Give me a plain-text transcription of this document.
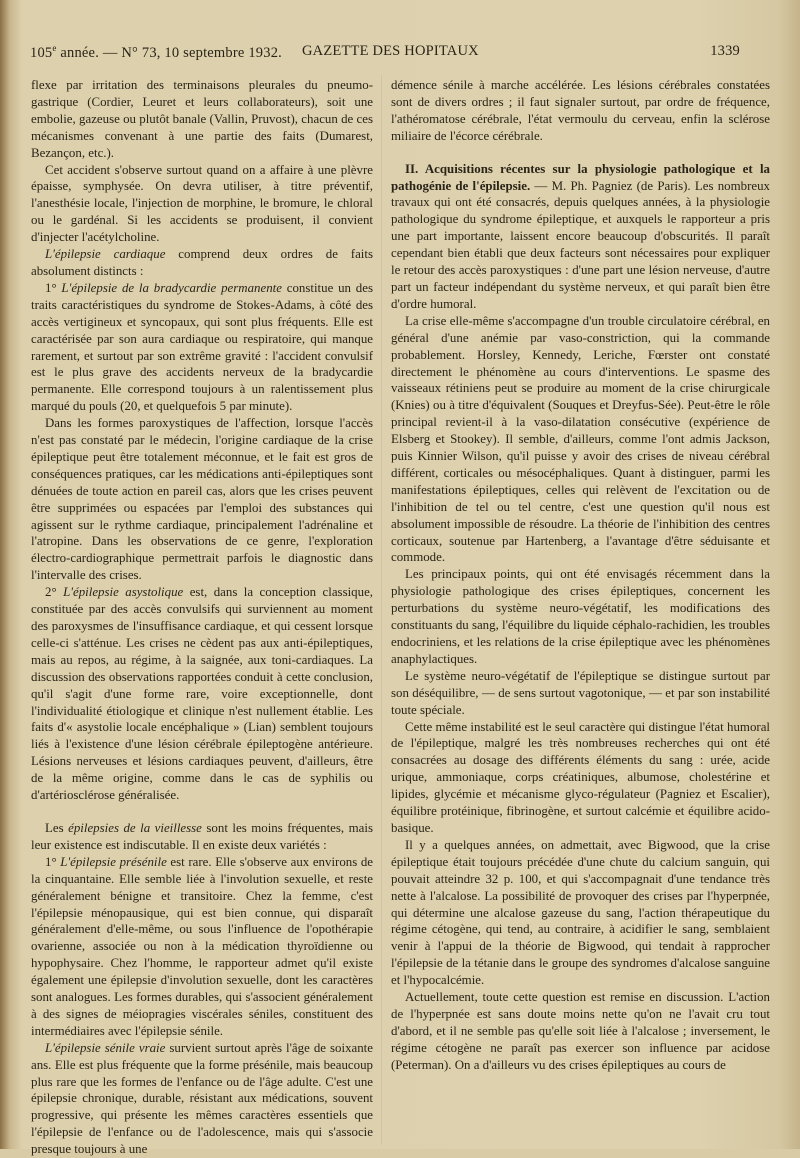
105e année. — N° 73, 10 septembre 1932. GAZETTE DES HOPITAUX	1339

flexe par irritation des terminaisons pleurales du pneumo-gastrique (Cordier, Leuret et leurs collaborateurs), soit une embolie, gazeuse ou plutôt banale (Vallin, Pruvost), chacun de ces mécanismes convenant à une partie des faits (Dumarest, Bezançon, etc.).

Cet accident s'observe surtout quand on a affaire à une plèvre épaisse, symphysée. On devra utiliser, à titre préventif, l'anesthésie locale, l'injection de morphine, le bromure, le chloral ou le gardénal. Si les accidents se produisent, il convient d'injecter l'acétylcholine.

L'épilepsie cardiaque comprend deux ordres de faits absolument distincts :

1° L'épilepsie de la bradycardie permanente constitue un des traits caractéristiques du syndrome de Stokes-Adams, à côté des accès vertigineux et syncopaux, qui sont plus fréquents. Elle est caractérisée par son aura cardiaque ou respiratoire, qui manque rarement, et surtout par son extrême gravité : l'accident convulsif est le plus grave des accidents nerveux de la bradycardie permanente. Elle correspond toujours à un ralentissement plus marqué du pouls (20, et quelquefois 5 par minute).

Dans les formes paroxystiques de l'affection, lorsque l'accès n'est pas constaté par le médecin, l'origine cardiaque de la crise épileptique peut être totalement méconnue, et le fait est gros de conséquences pratiques, car les médications anti-épileptiques sont dénuées de toute action en pareil cas, alors que les crises peuvent être supprimées ou espacées par l'emploi des substances qui agissent sur le rythme cardiaque, principalement l'adrénaline et l'atropine. Dans les observations de ce genre, l'exploration électro-cardiographique permettrait parfois le diagnostic dans l'intervalle des crises.

2° L'épilepsie asystolique est, dans la conception classique, constituée par des accès convulsifs qui surviennent au moment des paroxysmes de l'insuffisance cardiaque, et qui cessent lorsque celle-ci s'atténue. Les crises ne cèdent pas aux anti-épileptiques, mais au repos, au régime, à la saignée, aux toni-cardiaques. La discussion des observations rapportées conduit à cette conclusion, qu'il s'agit d'une forme rare, voire exceptionnelle, dont l'individualité étiologique et clinique n'est nullement établie. Les faits d'« asystolie locale encéphalique » (Lian) semblent toujours liés à l'existence d'une lésion cérébrale épileptogène antérieure. Lésions nerveuses et lésions cardiaques peuvent, d'ailleurs, être de la même origine, comme dans le cas de syphilis ou d'artériosclérose généralisée.

Les épilepsies de la vieillesse sont les moins fréquentes, mais leur existence est indiscutable. Il en existe deux variétés :

1° L'épilepsie présénile est rare. Elle s'observe aux environs de la cinquantaine. Elle semble liée à l'involution sexuelle, et reste généralement bénigne et transitoire. Chez la femme, c'est l'épilepsie ménopausique, qui est bien connue, qui disparaît généralement d'elle-même, ou sous l'influence de l'opothérapie ovarienne, associée ou non à la médication thyroïdienne ou hypophysaire. Chez l'homme, le rapporteur admet qu'il existe également une épilepsie d'involution sexuelle, dont les caractères sont analogues. Les formes durables, qui s'associent généralement à des signes de méiopragies viscérales séniles, constituent des intermédiaires avec l'épilepsie sénile.

L'épilepsie sénile vraie survient surtout après l'âge de soixante ans. Elle est plus fréquente que la forme présénile, mais beaucoup plus rare que les formes de l'enfance ou de l'âge adulte. C'est une épilepsie chronique, durable, résistant aux médications, souvent progressive, qui présente les mêmes caractères essentiels que l'épilepsie de l'enfance ou de l'adolescence, mais qui s'associe presque toujours à une

démence sénile à marche accélérée. Les lésions cérébrales constatées sont de divers ordres ; il faut signaler surtout, par ordre de fréquence, l'athéromatose cérébrale, l'état vermoulu du cerveau, enfin la sclérose miliaire de l'écorce cérébrale.

II. Acquisitions récentes sur la physiologie pathologique et la pathogénie de l'épilepsie. — M. Ph. Pagniez (de Paris). Les nombreux travaux qui ont été consacrés, depuis quelques années, à la physiologie pathologique du syndrome épileptique, et auxquels le rapporteur a pris une part importante, laissent encore beaucoup d'obscurités. Il paraît cependant bien établi que deux facteurs sont nécessaires pour expliquer le retour des accès paroxystiques : d'une part une lésion nerveuse, d'autre part un facteur indépendant du système nerveux, et qui paraît bien être d'ordre humoral.

La crise elle-même s'accompagne d'un trouble circulatoire cérébral, en général d'une anémie par vaso-constriction, qui la commande probablement. Horsley, Kennedy, Leriche, Fœrster ont constaté directement le phénomène au cours d'interventions. Le spasme des vaisseaux rétiniens peut se produire au moment de la crise chirurgicale (Knies) ou à titre d'équivalent (Souques et Dreyfus-Sée). Peut-être le rôle principal revient-il à la vaso-dilatation consécutive (expérience de Elsberg et Stookey). Il semble, d'ailleurs, comme l'ont admis Jackson, puis Kinnier Wilson, qu'il puisse y avoir des crises de niveau cérébral différent, corticales ou mésocéphaliques. Quant à distinguer, parmi les manifestations épileptiques, celles qui relèvent de l'excitation ou de l'inhibition de tel ou tel centre, c'est une question qu'il nous est absolument impossible de résoudre. La théorie de l'inhibition des centres corticaux, soutenue par Hartenberg, a l'avantage d'être séduisante et commode.

Les principaux points, qui ont été envisagés récemment dans la physiologie pathologique des crises épileptiques, concernent les perturbations du système neuro-végétatif, les modifications des constituants du sang, l'équilibre du liquide céphalo-rachidien, les troubles endocriniens, et les relations de la crise épileptique avec les phénomènes anaphylactiques.

Le système neuro-végétatif de l'épileptique se distingue surtout par son déséquilibre, — de sens surtout vagotonique, — et par son instabilité toute spéciale.

Cette même instabilité est le seul caractère qui distingue l'état humoral de l'épileptique, malgré les très nombreuses recherches qui ont été consacrées au dosage des différents éléments du sang : urée, acide urique, ammoniaque, corps créatiniques, albumose, cholestérine et lipides, glycémie et mécanisme glyco-régulateur (Pagniez et Escalier), équilibre protéinique, fibrinogène, et surtout calcémie et équilibre acido-basique.

Il y a quelques années, on admettait, avec Bigwood, que la crise épileptique était toujours précédée d'une chute du calcium sanguin, qui pouvait atteindre 32 p. 100, et qui s'accompagnait d'une tendance très nette à l'alcalose. La possibilité de provoquer des crises par l'hyperpnée, qui détermine une alcalose gazeuse du sang, l'action thérapeutique du régime cétogène, qui tend, au contraire, à acidifier le sang, semblaient venir à l'appui de la théorie de Bigwood, qui tendait à rapprocher l'épilepsie de la tétanie dans le groupe des syndromes d'alcalose sanguine et l'hypocalcémie.

Actuellement, toute cette question est remise en discussion. L'action de l'hyperpnée est sans doute moins nette qu'on ne l'avait cru tout d'abord, et il ne semble pas qu'elle soit liée à l'alcalose ; inversement, le régime cétogène ne paraît pas exercer son influence par acidose (Peterman). On a d'ailleurs vu des crises épileptiques au cours de
